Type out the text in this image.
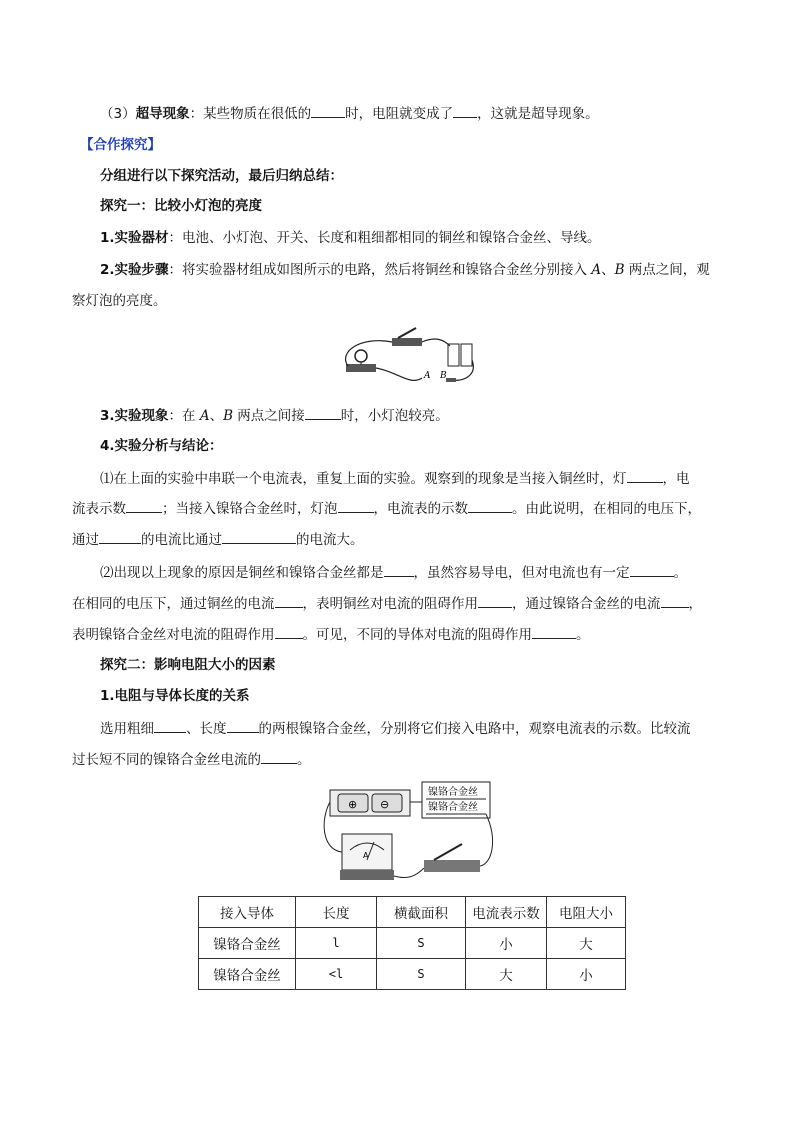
（3）超导现象：某些物质在很低的	时，电阻就变成了 ，这就是超导现象。
【合作探究】
分组进行以下探究活动，最后归纳总结：
探究一：比较小灯泡的亮度
1.实验器材：电池、小灯泡、开关、长度和粗细都相同的铜丝和镍铬合金丝、导线。
2.实验步骤：将实验器材组成如图所示的电路，然后将铜丝和镍铬合金丝分别接入 A、B 两点之间，观
察灯泡的亮度。
A B
3.实验现象：在 A、B 两点之间接	时，小灯泡较亮。
4.实验分析与结论：
⑴在上面的实验中串联一个电流表，重复上面的实验。观察到的现象是当接入铜丝时，灯	，电
流表示数	；当接入镍铬合金丝时，灯泡	，电流表的示数	。由此说明，在相同的电压下，
通过	的电流比通过	的电流大。
⑵出现以上现象的原因是铜丝和镍铬合金丝都是 ，虽然容易导电，但对电流也有一定	。
在相同的电压下，通过铜丝的电流 ，表明铜丝对电流的阻碍作用	，通过镍铬合金丝的电流 ，
表明镍铬合金丝对电流的阻碍作用 。可见，不同的导体对电流的阻碍作用	。
探究二：影响电阻大小的因素
1.电阻与导体长度的关系
选用粗细 、长度 的两根镍铬合金丝，分别将它们接入电路中，观察电流表的示数。比较流
过长短不同的镍铬合金丝电流的	。
⊕ ⊖
镍铬合金丝
镍铬合金丝
A
接入导体	长度	横截面积	电流表示数	电阻大小
镍铬合金丝	l	S	小	大
镍铬合金丝	<l	S	大	小
